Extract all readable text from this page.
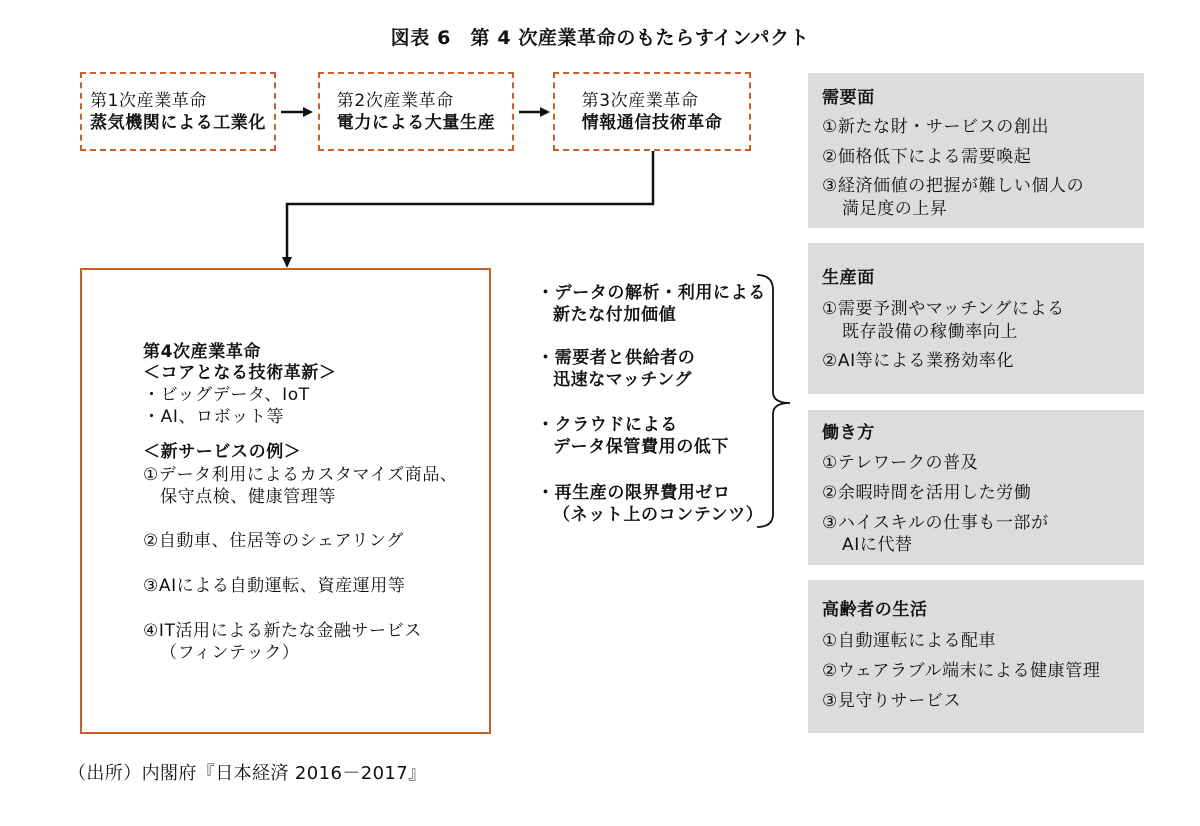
図表 6　第 4 次産業革命のもたらすインパクト
第1次産業革命
蒸気機関による工業化
第2次産業革命
電力による大量生産
第3次産業革命
情報通信技術革命
第4次産業革命
＜コアとなる技術革新＞
・ビッグデータ、IoT
・AI、ロボット等
＜新サービスの例＞
①データ利用によるカスタマイズ商品、
保守点検、健康管理等
②自動車、住居等のシェアリング
③AIによる自動運転、資産運用等
④IT活用による新たな金融サービス
（フィンテック）
・データの解析・利用による
新たな付加価値
・需要者と供給者の
迅速なマッチング
・クラウドによる
データ保管費用の低下
・再生産の限界費用ゼロ
（ネット上のコンテンツ）
需要面
①新たな財・サービスの創出
②価格低下による需要喚起
③経済価値の把握が難しい個人の
満足度の上昇
生産面
①需要予測やマッチングによる
既存設備の稼働率向上
②AI等による業務効率化
働き方
①テレワークの普及
②余暇時間を活用した労働
③ハイスキルの仕事も一部が
AIに代替
高齢者の生活
①自動運転による配車
②ウェアラブル端末による健康管理
③見守りサービス
（出所）内閣府『日本経済 2016－2017』
